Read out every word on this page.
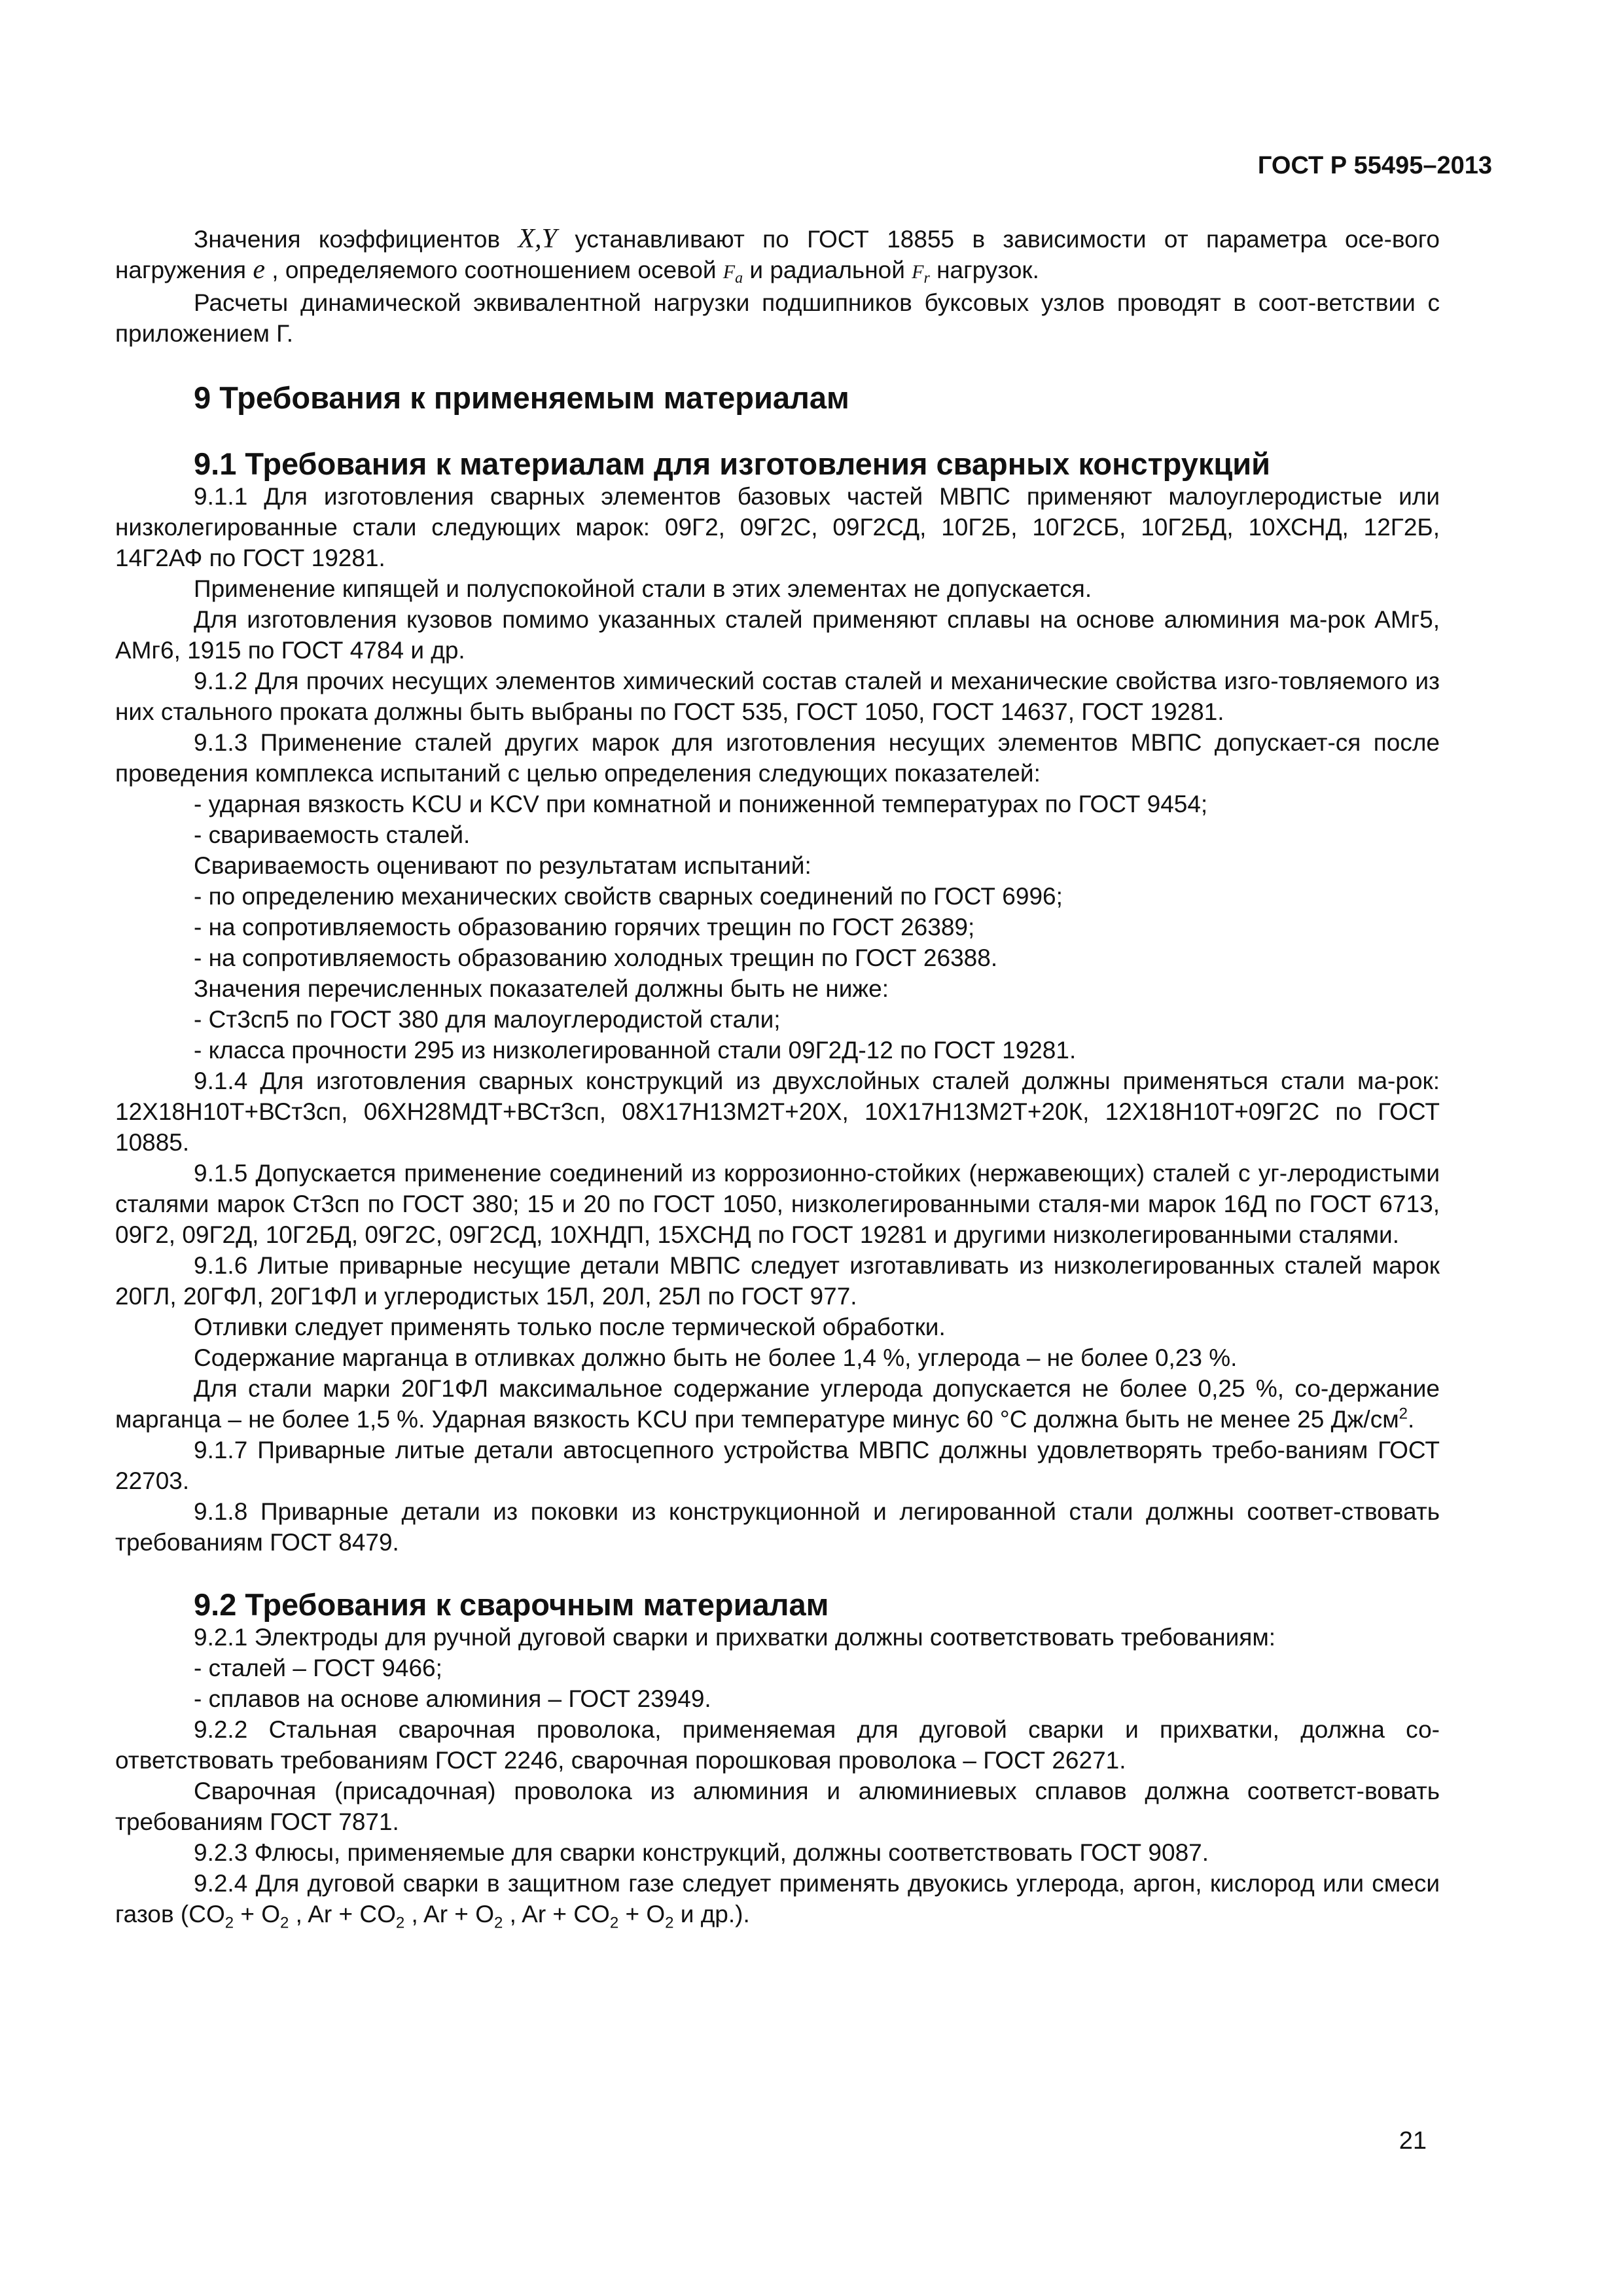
ГОСТ Р 55495–2013
Значения коэффициентов X,Y устанавливают по ГОСТ 18855 в зависимости от параметра осе-вого нагружения e , определяемого соотношением осевой $F_a$ и радиальной $F_r$ нагрузок.
Расчеты динамической эквивалентной нагрузки подшипников буксовых узлов проводят в соот-ветствии с приложением Г.
9 Требования к применяемым материалам
9.1 Требования к материалам для изготовления сварных конструкций
9.1.1 Для изготовления сварных элементов базовых частей МВПС применяют малоуглеродистые или низколегированные стали следующих марок: 09Г2, 09Г2С, 09Г2СД, 10Г2Б, 10Г2СБ, 10Г2БД, 10ХСНД, 12Г2Б, 14Г2АФ по ГОСТ 19281.
Применение кипящей и полуспокойной стали в этих элементах не допускается.
Для изготовления кузовов помимо указанных сталей применяют сплавы на основе алюминия ма-рок АМг5, АМг6, 1915 по ГОСТ 4784 и др.
9.1.2 Для прочих несущих элементов химический состав сталей и механические свойства изго-товляемого из них стального проката должны быть выбраны по ГОСТ 535, ГОСТ 1050, ГОСТ 14637, ГОСТ 19281.
9.1.3 Применение сталей других марок для изготовления несущих элементов МВПС допускает-ся после проведения комплекса испытаний с целью определения следующих показателей:
- ударная вязкость KCU и KCV при комнатной и пониженной температурах по ГОСТ 9454;
- свариваемость сталей.
Свариваемость оценивают по результатам испытаний:
- по определению механических свойств сварных соединений по ГОСТ 6996;
- на сопротивляемость образованию горячих трещин по ГОСТ 26389;
- на сопротивляемость образованию холодных трещин по ГОСТ 26388.
Значения перечисленных показателей должны быть не ниже:
- Ст3сп5 по ГОСТ 380 для малоуглеродистой стали;
- класса прочности 295 из низколегированной стали 09Г2Д-12 по ГОСТ 19281.
9.1.4 Для изготовления сварных конструкций из двухслойных сталей должны применяться стали ма-рок: 12Х18Н10Т+ВСт3сп, 06ХН28МДТ+ВСт3сп, 08Х17Н13М2Т+20Х, 10Х17Н13М2Т+20К, 12Х18Н10Т+09Г2С по ГОСТ 10885.
9.1.5 Допускается применение соединений из коррозионно-стойких (нержавеющих) сталей с уг-леродистыми сталями марок Ст3сп по ГОСТ 380; 15 и 20 по ГОСТ 1050, низколегированными сталя-ми марок 16Д по ГОСТ 6713, 09Г2, 09Г2Д, 10Г2БД, 09Г2С, 09Г2СД, 10ХНДП, 15ХСНД по ГОСТ 19281 и другими низколегированными сталями.
9.1.6 Литые приварные несущие детали МВПС следует изготавливать из низколегированных сталей марок 20ГЛ, 20ГФЛ, 20Г1ФЛ и углеродистых 15Л, 20Л, 25Л по ГОСТ 977.
Отливки следует применять только после термической обработки.
Содержание марганца в отливках должно быть не более 1,4 %, углерода – не более 0,23 %.
Для стали марки 20Г1ФЛ максимальное содержание углерода допускается не более 0,25 %, со-держание марганца – не более 1,5 %. Ударная вязкость KCU при температуре минус 60 °С должна быть не менее 25 $Дж/см^2$.
9.1.7 Приварные литые детали автосцепного устройства МВПС должны удовлетворять требо-ваниям ГОСТ 22703.
9.1.8 Приварные детали из поковки из конструкционной и легированной стали должны соответ-ствовать требованиям ГОСТ 8479.
9.2 Требования к сварочным материалам
9.2.1 Электроды для ручной дуговой сварки и прихватки должны соответствовать требованиям:
- сталей – ГОСТ 9466;
- сплавов на основе алюминия – ГОСТ 23949.
9.2.2 Стальная сварочная проволока, применяемая для дуговой сварки и прихватки, должна со-ответствовать требованиям ГОСТ 2246, сварочная порошковая проволока – ГОСТ 26271.
Сварочная (присадочная) проволока из алюминия и алюминиевых сплавов должна соответст-вовать требованиям ГОСТ 7871.
9.2.3 Флюсы, применяемые для сварки конструкций, должны соответствовать ГОСТ 9087.
9.2.4 Для дуговой сварки в защитном газе следует применять двуокись углерода, аргон, кислород или смеси газов ($CO_2 + O_2$ , $Ar + CO_2$ , $Ar + O_2$ , $Ar + CO_2 + O_2$ и др.).
21
